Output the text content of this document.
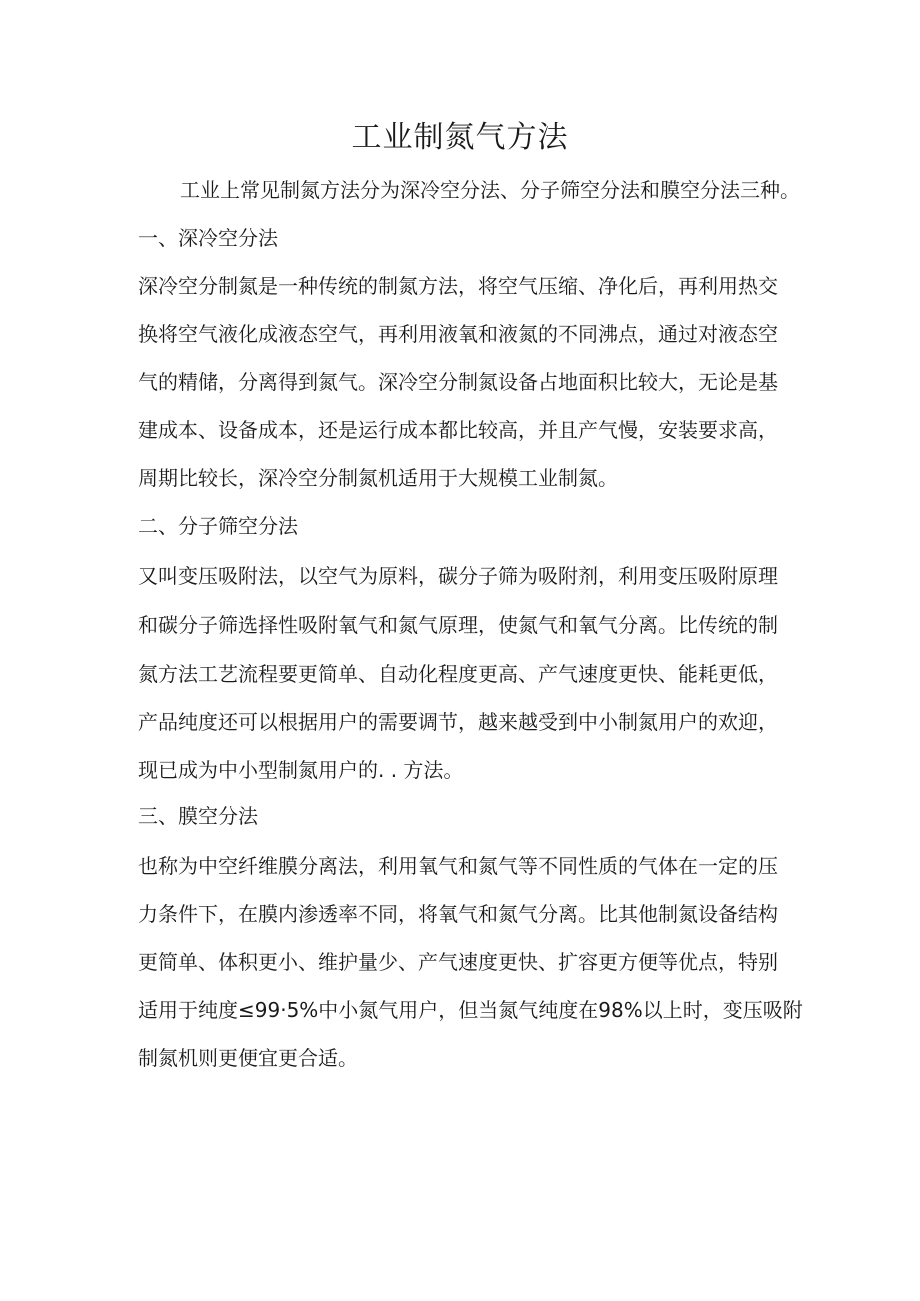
工业制氮气方法
工业上常见制氮方法分为深冷空分法、分子筛空分法和膜空分法三种。
一、深冷空分法
深冷空分制氮是一种传统的制氮方法，将空气压缩、净化后，再利用热交
换将空气液化成液态空气，再利用液氧和液氮的不同沸点，通过对液态空
气的精储，分离得到氮气。深冷空分制氮设备占地面积比较大，无论是基
建成本、设备成本，还是运行成本都比较高，并且产气慢，安装要求高，
周期比较长，深冷空分制氮机适用于大规模工业制氮。
二、分子筛空分法
又叫变压吸附法，以空气为原料，碳分子筛为吸附剂，利用变压吸附原理
和碳分子筛选择性吸附氧气和氮气原理，使氮气和氧气分离。比传统的制
氮方法工艺流程要更简单、自动化程度更高、产气速度更快、能耗更低，
产品纯度还可以根据用户的需要调节，越来越受到中小制氮用户的欢迎，
现已成为中小型制氮用户的. . 方法。
三、膜空分法
也称为中空纤维膜分离法，利用氧气和氮气等不同性质的气体在一定的压
力条件下，在膜内渗透率不同，将氧气和氮气分离。比其他制氮设备结构
更简单、体积更小、维护量少、产气速度更快、扩容更方便等优点，特别
适用于纯度≤99·5%中小氮气用户，但当氮气纯度在98%以上时，变压吸附
制氮机则更便宜更合适。
